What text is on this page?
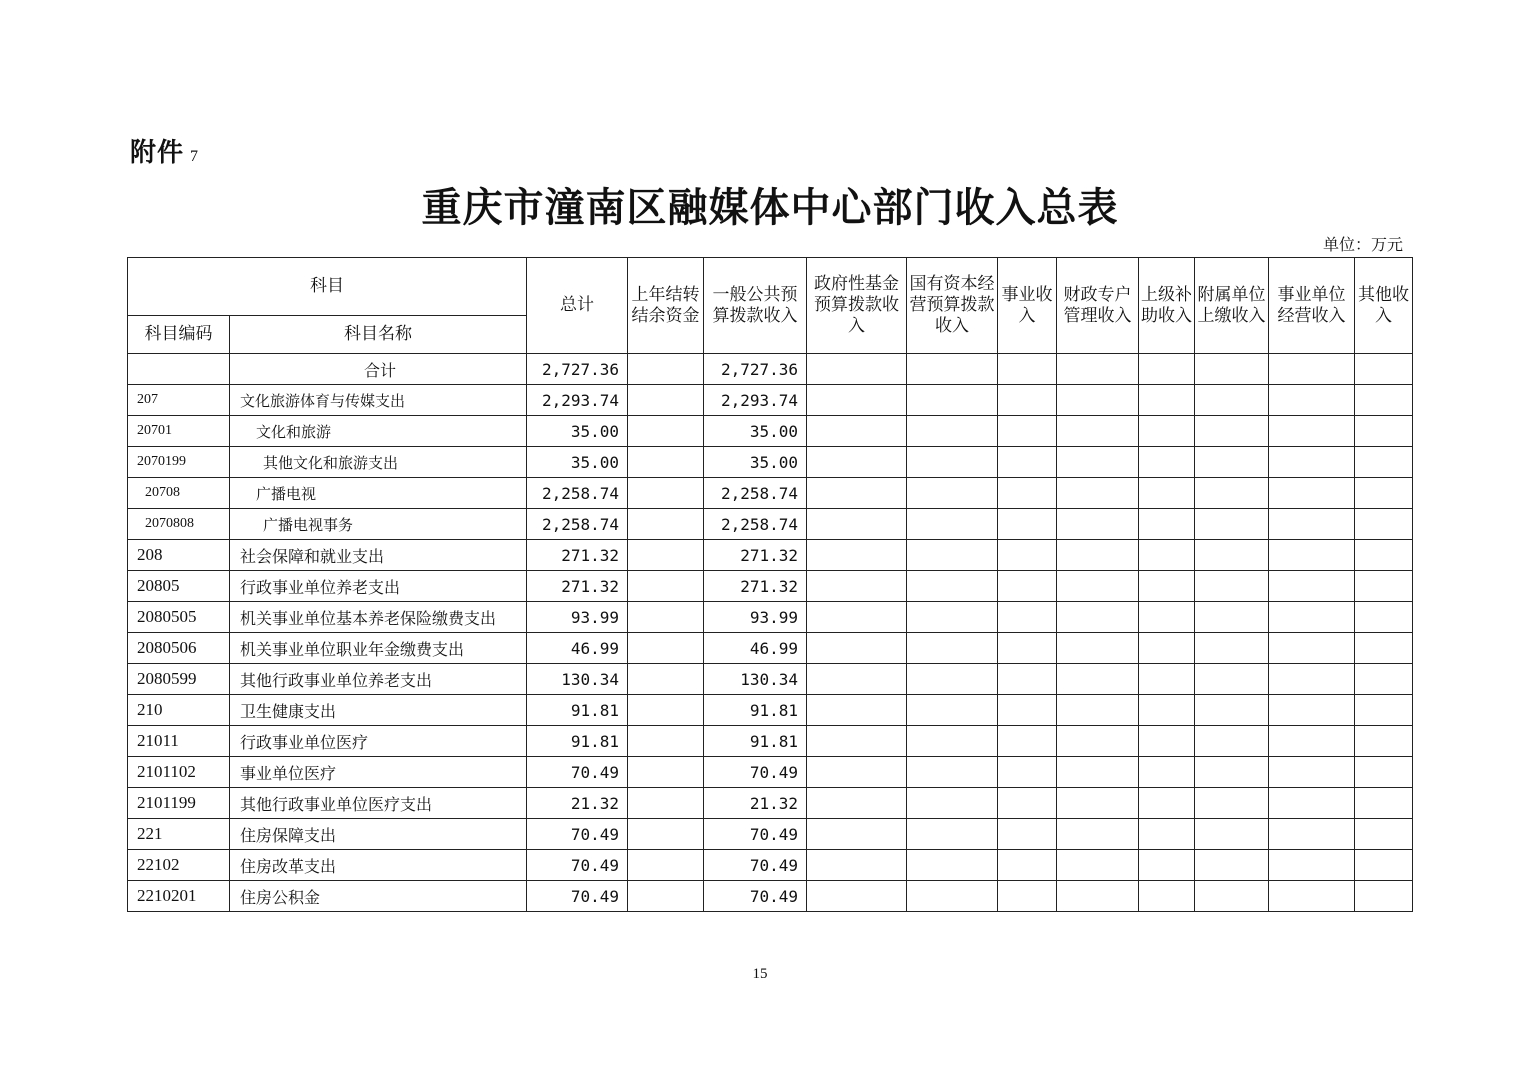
附件 7
重庆市潼南区融媒体中心部门收入总表
单位：万元
科目		总计	上年结转结余资金	一般公共预算拨款收入	政府性基金预算拨款收入	国有资本经营预算拨款收入	事业收入	财政专户管理收入	上级补助收入	附属单位上缴收入	事业单位经营收入	其他收入
科目编码	科目名称											
	合计	2,727.36		2,727.36								
207	文化旅游体育与传媒支出	2,293.74		2,293.74								
20701	文化和旅游	35.00		35.00								
2070199	其他文化和旅游支出	35.00		35.00								
20708	广播电视	2,258.74		2,258.74								
2070808	广播电视事务	2,258.74		2,258.74								
208	社会保障和就业支出	271.32		271.32								
20805	行政事业单位养老支出	271.32		271.32								
2080505	机关事业单位基本养老保险缴费支出	93.99		93.99								
2080506	机关事业单位职业年金缴费支出	46.99		46.99								
2080599	其他行政事业单位养老支出	130.34		130.34								
210	卫生健康支出	91.81		91.81								
21011	行政事业单位医疗	91.81		91.81								
2101102	事业单位医疗	70.49		70.49								
2101199	其他行政事业单位医疗支出	21.32		21.32								
221	住房保障支出	70.49		70.49								
22102	住房改革支出	70.49		70.49								
2210201	住房公积金	70.49		70.49								
15
